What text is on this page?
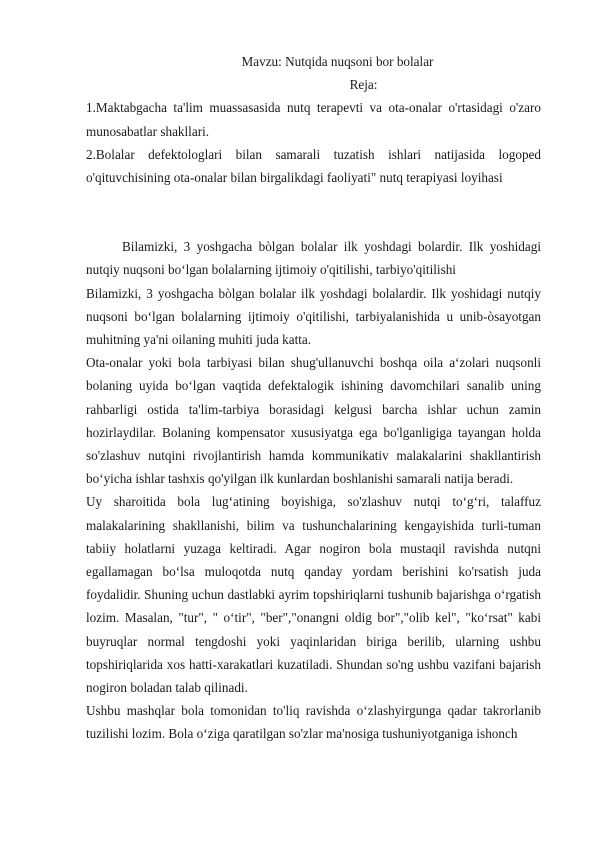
Mavzu: Nutqida nuqsoni bor bolalar

Reja:

1.Maktabgacha ta'lim muassasasida nutq terapevti va ota-onalar o'rtasidagi o'zaro munosabatlar shakllari.

2.Bolalar defektologlari bilan samarali tuzatish ishlari natijasida logoped o'qituvchisining ota-onalar bilan birgalikdagi faoliyati" nutq terapiyasi loyihasi

Bilamizki, 3 yoshgacha bòlgan bolalar ilk yoshdagi bolardir. Ilk yoshidagi nutqiy nuqsoni bo‘lgan bolalarning ijtimoiy o'qitilishi, tarbiyo'qitilishi

Bilamizki, 3 yoshgacha bòlgan bolalar ilk yoshdagi bolalardir. Ilk yoshidagi nutqiy nuqsoni bo‘lgan bolalarning ijtimoiy o'qitilishi, tarbiyalanishida u unib-òsayotgan muhitning ya'ni oilaning muhiti juda katta.

Ota-onalar yoki bola tarbiyasi bilan shug'ullanuvchi boshqa oila a‘zolari nuqsonli bolaning uyida bo‘lgan vaqtida defektalogik ishining davomchilari sanalib uning rahbarligi ostida ta'lim-tarbiya borasidagi kelgusi barcha ishlar uchun zamin hozirlaydilar. Bolaning kompensator xususiyatga ega bo'lganligiga tayangan holda so'zlashuv nutqini rivojlantirish hamda kommunikativ malakalarini shakllantirish bo‘yicha ishlar tashxis qo'yilgan ilk kunlardan boshlanishi samarali natija beradi.

Uy sharoitida bola lug‘atining boyishiga, so'zlashuv nutqi to‘g‘ri, talaffuz malakalarining shakllanishi, bilim va tushunchalarining kengayishida turli-tuman tabiiy holatlarni yuzaga keltiradi. Agar nogiron bola mustaqil ravishda nutqni egallamagan bo‘lsa muloqotda nutq qanday yordam berishini ko'rsatish juda foydalidir. Shuning uchun dastlabki ayrim topshiriqlarni tushunib bajarishga o‘rgatish lozim. Masalan, "tur", " o‘tir", "ber","onangni oldig bor","olib kel", "ko‘rsat" kabi buyruqlar normal tengdoshi yoki yaqinlaridan biriga berilib, ularning ushbu topshiriqlarida xos hatti-xarakatlari kuzatiladi. Shundan so'ng ushbu vazifani bajarish nogiron boladan talab qilinadi.

Ushbu mashqlar bola tomonidan to'liq ravishda o‘zlashyirgunga qadar takrorlanib tuzilishi lozim. Bola o‘ziga qaratilgan so'zlar ma'nosiga tushuniyotganiga ishonch
